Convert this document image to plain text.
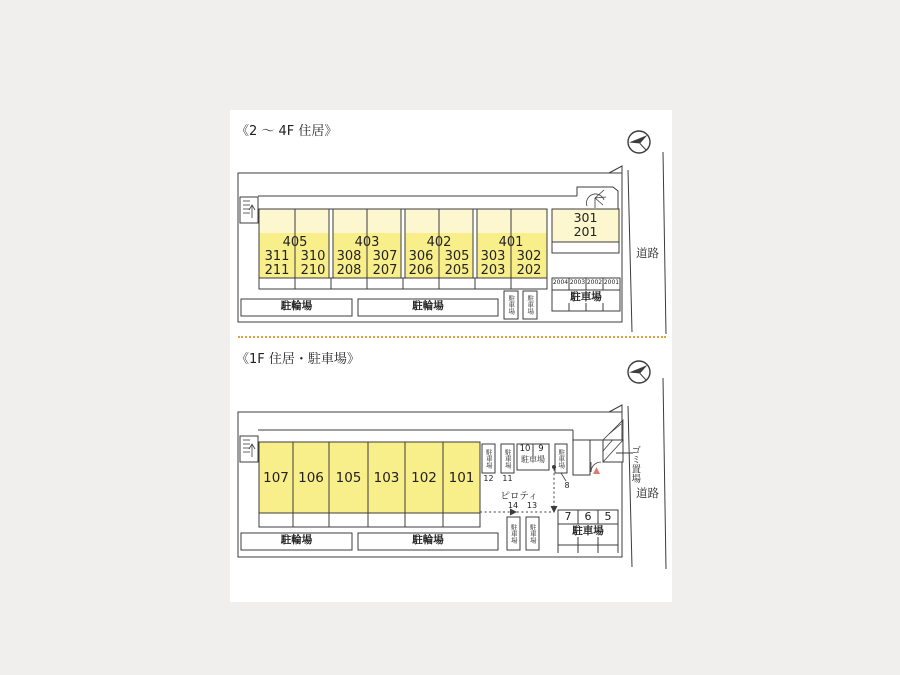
《2 ～ 4F 住居》
道路
405	403	402	401
311 310 308 307 306 305 303 302
211 210 208 207 206 205 203 202
301
201
駐輪場	駐輪場	駐車場	駐車場
2004 2003 2002 2001
駐車場
《1F 住居・駐車場》
道路
ゴミ置場
107 106 105 103 102 101
駐車場
12
駐車場
11
10 9
駐車場	駐車場
8
ピロティ
14	13
駐車場	駐車場
7	6	5
駐車場
駐輪場	駐輪場
